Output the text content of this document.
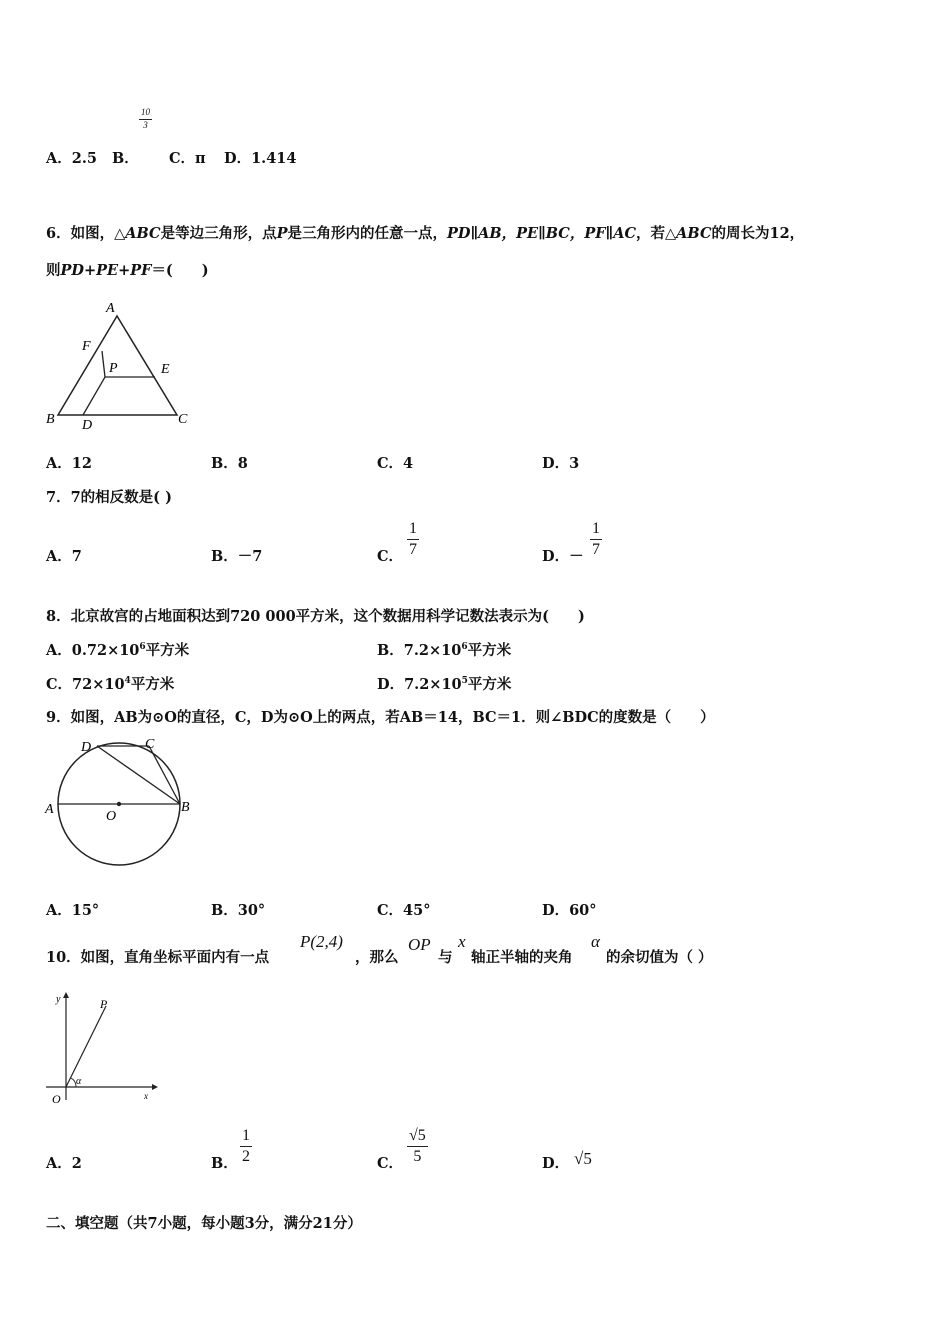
$\frac{10}{3}$
A．2.5 B． C．π D．1.414
6．如图，△ABC是等边三角形，点P是三角形内的任意一点，PD∥AB，PE∥BC，PF∥AC，若△ABC的周长为12，
则PD+PE+PF＝(　　)
A
F
P	E
B D	C
A．12	B．8	C．4	D．3
7．7的相反数是( )
A．7	B．－7	C． $\frac{1}{7}$	D．－ $\frac{1}{7}$
8．北京故宫的占地面积达到720 000平方米，这个数据用科学记数法表示为(　　)
A．$0.72\times 10^6$平方米	B．$7.2\times 10^6$平方米
C．$72\times 10^4$平方米	D．$7.2\times 10^5$平方米
9．如图，AB为⊙O的直径，C，D为⊙O上的两点，若AB＝14，BC＝1．则∠BDC的度数是（　　）
D	C
A	B
O
A．15°	B．30°	C．45°	D．60°
10．如图，直角坐标平面内有一点
P(2,4)
，那么
OP
与
x
轴正半轴的夹角
α
的余切值为（ ）
y	P
α
O	x
A．2	B． $\frac{1}{2}$	C． $\frac{√5}{5}$	D． √5
二、填空题（共7小题，每小题3分，满分21分）
